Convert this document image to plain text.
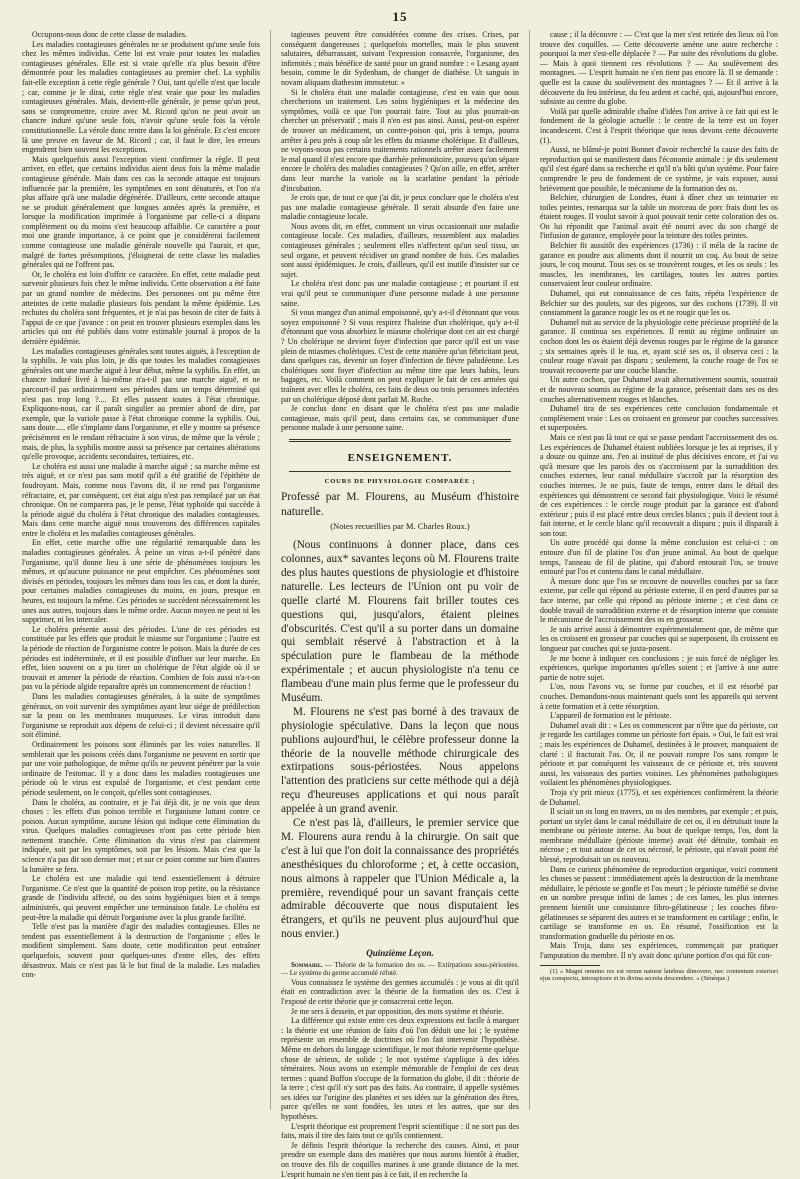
15

Occupons-nous donc de cette classe de maladies.

Les maladies contagieuses générales ne se produisent qu'une seule fois chez les mêmes individus. Cette loi est vraie pour toutes les maladies contagieuses générales. Elle est si vraie qu'elle n'a plus besoin d'être démontrée pour les maladies contagieuses au premier chef. La syphilis fait-elle exception à cette règle générale ? Oui, tant qu'elle n'est que locale ; car, comme je le dirai, cette règle n'est vraie que pour les maladies contagieuses générales. Mais, devient-elle générale, je pense qu'un peut, sans se compromettre, croire avec M. Ricord qu'on ne peut avoir un chancre induré qu'une seule fois, n'avoir qu'une seule fois la vérole constitutionnelle. La vérole donc rentre dans la loi générale. Et c'est encore là une preuve en faveur de M. Ricord ; car, il faut le dire, les erreurs engendrent bien souvent les exceptions.

Mais quelquefois aussi l'exception vient confirmer la règle. Il peut arriver, en effet, que certains individus aient deux fois la même maladie contagieuse générale. Mais dans ces cas la seconde attaque est toujours influencée par la première, les symptômes en sont dénaturés, et l'on n'a plus affaire qu'à une maladie dégénérée. D'ailleurs, cette seconde attaque ne se produit généralement que longues années après la première, et lorsque la modification imprimée à l'organisme par celle-ci a disparu complètement ou du moins s'est beaucoup affaiblie. Ce caractère a pour moi une grande importance, à ce point que je considérerai facilement comme contagieuse une maladie générale nouvelle qui l'aurait, et que, malgré de fortes présomptions, j'éloignerai de cette classe les maladies générales qui ne l'offrent pas.

Or, le choléra est loin d'offrir ce caractère. En effet, cette maladie peut survenir plusieurs fois chez le même individu. Cette observation a été faite par un grand nombre de médecins. Des personnes ont pu même être atteintes de cette maladie plusieurs fois pendant la même épidémie. Les rechutes du choléra sont fréquentes, et je n'ai pas besoin de citer de faits à l'appui de ce que j'avance : on peut en trouver plusieurs exemples dans les articles qui ont été publiés dans votre estimable journal à propos de la dernière épidémie.

Les maladies contagieuses générales sont toutes aiguës, à l'exception de la syphilis. Je vais plus loin, je dis que toutes les maladies contagieuses générales ont une marche aiguë à leur début, même la syphilis. En effet, un chancre induré livré à lui-même n'a-t-il pas une marche aiguë, et ne parcourt-il pas ordinairement ses périodes dans un temps déterminé qui n'est pas trop long ?.... Et elles passent toutes à l'état chronique. Expliquons-nous, car il paraît singulier au premier abord de dire, par exemple, que la variole passe à l'état chronique comme la syphilis. Oui, sans doute..... elle s'implante dans l'organisme, et elle y montre sa présence précisément en le rendant réfractaire à son virus, de même que la vérole ; mais, de plus, la syphilis montre aussi sa présence par certaines altérations qu'elle provoque, accidents secondaires, tertiaires, etc.

Le choléra est aussi une maladie à marche aiguë ; sa marche même est très aiguë, et ce n'est pas sans motif qu'il a été gratifié de l'épithète de foudroyant. Mais, comme nous l'avons dit, il ne rend pas l'organisme réfractaire, et, par conséquent, cet état aigu n'est pas remplacé par un état chronique. On ne comparera pas, je le pense, l'état typhoïde qui succède à la période aiguë du choléra à l'état chronique des maladies contagieuses. Mais dans cette marche aiguë nous trouverons des différences capitales entre le choléra et les maladies contagieuses générales.

En effet, cette marche offre une régularité remarquable dans les maladies contagieuses générales. À peine un virus a-t-il pénétré dans l'organisme, qu'il donne lieu à une série de phénomènes toujours les mêmes, et qu'aucune puissance ne peut empêcher. Ces phénomènes sont divisés en périodes, toujours les mêmes dans tous les cas, et dont la durée, pour certaines maladies contagieuses du moins, en jours, presque en heures, est toujours la même. Ces périodes se succèdent nécessairement les unes aux autres, toujours dans le même ordre. Aucun moyen ne peut ni les supprimer, ni les intercaler.

Le choléra présente aussi des périodes. L'une de ces périodes est constituée par les effets que produit le miasme sur l'organisme ; l'autre est la période de réaction de l'organisme contre le poison. Mais la durée de ces périodes est indéterminée, et il est possible d'influer sur leur marche. En effet, bien souvent on a pu tirer un cholérique de l'état algide où il se trouvait et amener la période de réaction. Combien de fois aussi n'a-t-on pas vu la période algide reparaître après un commencement de réaction !

Dans les maladies contagieuses générales, à la suite de symptômes généraux, on voit survenir des symptômes ayant leur siége de prédilection sur la peau ou les membranes muqueuses. Le virus introduit dans l'organisme se reproduit aux dépens de celui-ci ; il devient nécessaire qu'il soit éliminé.

Ordinairement les poisons sont éliminés par les voies naturelles. Il semblerait que les poisons créés dans l'organisme ne peuvent en sortir que par une voie pathologique, de même qu'ils ne peuvent pénétrer par la voie ordinaire de l'estomac. Il y a donc dans les maladies contagieuses une période où le virus est expulsé de l'organisme, et c'est pendant cette période seulement, on le conçoit, qu'elles sont contagieuses.

Dans le choléra, au contraire, et je l'ai déjà dit, je ne vois que deux choses : les effets d'un poison terrible et l'organisme luttant contre ce poison. Aucun symptôme, aucune lésion qui indique cette élimination du virus. Quelques maladies contagieuses n'ont pas cette période bien nettement tranchée. Cette élimination du virus n'est pas clairement indiquée, soit par les symptômes, soit par les lésions. Mais c'est que la science n'a pas dit son dernier mot ; et sur ce point comme sur bien d'autres la lumière se fera.

Le choléra est une maladie qui tend essentiellement à détruire l'organisme. Ce n'est que la quantité de poison trop petite, ou la résistance grande de l'individu affecté, ou des soins hygiéniques bien et à temps administrés, qui peuvent empêcher une terminaison fatale. Le choléra est peut-être la maladie qui détruit l'organisme avec la plus grande facilité.

Telle n'est pas la manière d'agir des maladies contagieuses. Elles ne tendent pas essentiellement à la destruction de l'organisme ; elles le modifient simplement. Sans doute, cette modification peut entraîner quelquefois, souvent pour quelques-unes d'entre elles, des effets désastreux. Mais ce n'est pas là le but final de la maladie. Les maladies con-

tagieuses peuvent être considérées comme des crises. Crises, par conséquent dangereuses ; quelquefois mortelles, mais le plus souvent salutaires, débarrassant, suivant l'expression consacrée, l'organisme, des infirmités ; mais bénéfice de santé pour un grand nombre : « Lesang ayant besoin, comme le dit Sydenham, de changer de diathèse. Ut sanguis in novam aliquam diathesim immutetur. »

Si le choléra était une maladie contagieuse, c'est en vain que nous chercherions un traitement. Les soins hygiéniques et la médecine des symptômes, voilà ce que l'on pourrait faire. Tout au plus pourrait-on chercher un préservatif ; mais il n'en est pas ainsi. Aussi, peut-on espérer de trouver un médicament, un contre-poison qui, pris à temps, pourra arrêter à peu près à coup sûr les effets du miasme cholérique. Et d'ailleurs, ne voyons-nous pas certains traitements rationnels arrêter assez facilement le mal quand il n'est encore que diarrhée prémonitoire, pourvu qu'on sépare encore le choléra des maladies contagieuses ? Qu'on aille, en effet, arrêter dans leur marche la variole ou la scarlatine pendant la période d'incubation.

Je crois que, de tout ce que j'ai dit, je peux conclure que le choléra n'est pas une maladie contagieuse générale. Il serait absurde d'en faire une maladie contagieuse locale.

Nous avons dit, en effet, comment un virus occasionnait une maladie contagieuse locale. Ces maladies, d'ailleurs, ressemblent aux maladies contagieuses générales ; seulement elles n'affectent qu'un seul tissu, un seul organe, et peuvent récidiver un grand nombre de fois. Ces maladies sont aussi épidémiques. Je crois, d'ailleurs, qu'il est inutile d'insister sur ce sujet.

Le choléra n'est donc pas une maladie contagieuse ; et pourtant il est vrai qu'il peut se communiquer d'une personne malade à une personne saine.

Si vous mangez d'un animal empoisonné, qu'y a-t-il d'étonnant que vous soyez empoisonné ? Si vous respirez l'haleine d'un cholérique, qu'y a-t-il d'étonnant que vous absorbiez le miasme cholérique dont cet air est chargé ? Un cholérique ne devient foyer d'infection que parce qu'il est un vase plein de miasmes cholériques. C'est de cette manière qu'un fébricitant peut, dans quelques cas, devenir un foyer d'infection de fièvre paludéenne. Les cholériques sont foyer d'infection au même titre que leurs habits, leurs bagages, etc. Voilà comment on peut expliquer le fait de ces armées qui traînent avec elles le choléra, ces faits de deux ou trois personnes infectées par un cholérique déposé dont parlait M. Roche.

Je conclus donc en disant que le choléra n'est pas une maladie contagieuse, mais qu'il peut, dans certains cas, se communiquer d'une personne malade à une personne saine.

ENSEIGNEMENT.
COURS DE PHYSIOLOGIE COMPARÉE ;

Professé par M. Flourens, au Muséum d'histoire naturelle.

(Notes recueillies par M. Charles Roux.)

(Nous continuons à donner place, dans ces colonnes, aux* savantes leçons où M. Flourens traite des plus hautes questions de physiologie et d'histoire naturelle. Les lecteurs de l'Union ont pu voir de quelle clarté M. Flourens fait briller toutes ces questions qui, jusqu'alors, étaient pleines d'obscurités. C'est qu'il a su porter dans un domaine qui semblait réservé à l'abstraction et à la spéculation pure le flambeau de la méthode expérimentale ; et aucun physiologiste n'a tenu ce flambeau d'une main plus ferme que le professeur du Muséum.

M. Flourens ne s'est pas borné à des travaux de physiologie spéculative. Dans la leçon que nous publions aujourd'hui, le célèbre professeur donne la théorie de la nouvelle méthode chirurgicale des extirpations sous-périostées. Nous appelons l'attention des praticiens sur cette méthode qui a déjà reçu d'heureuses applications et qui nous paraît appelée à un grand avenir.

Ce n'est pas là, d'ailleurs, le premier service que M. Flourens aura rendu à la chirurgie. On sait que c'est à lui que l'on doit la connaissance des propriétés anesthésiques du chloroforme ; et, à cette occasion, nous aimons à rappeler que l'Union Médicale a, la première, revendiqué pour un savant français cette admirable découverte que nous disputaient les étrangers, et qu'ils ne peuvent plus aujourd'hui que nous envier.)

Quinzième Leçon.

Sommaire. — Théorie de la formation des os. — Extirpations sous-périostées. — Le système du germe accumulé réfuté.

Vous connaissez le système des germes accumulés : je vous ai dit qu'il était en contradiction avec la théorie de la formation des os. C'est à l'exposé de cette théorie que je consacrerai cette leçon.

Je me sers à dessein, et par opposition, des mots système et théorie.

La différence qui existe entre ces deux expressions est facile à marquer : la théorie est une réunion de faits d'où l'on déduit une loi ; le système représente un ensemble de doctrines où l'on fait intervenir l'hypothèse. Même en dehors du langage scientifique, le mot théorie représente quelque chose de sérieux, de solide ; le mot système s'applique à des idées téméraires. Nous avons un exemple mémorable de l'emploi de ces deux termes : quand Buffon s'occupe de la formation du globe, il dit : théorie de la terre ; c'est qu'il n'y sort pas des faits. Au contraire, il appelle systèmes ses idées sur l'origine des planètes et ses idées sur la génération des êtres, parce qu'elles ne sont fondées, les unes et les autres, que sur des hypothèses.

L'esprit théorique est proprement l'esprit scientifique : il ne sort pas des faits, mais il tire des faits tout ce qu'ils contiennent.

Je définis l'esprit théorique la recherche des causes. Ainsi, et pour prendre un exemple dans des matières que nous aurons bientôt à étudier, on trouve des fils de coquilles marines à une grande distance de la mer. L'esprit humain ne s'en tient pas à ce fait, il en recherche la

cause ; il la découvre : — C'est que la mer s'est retirée des lieux où l'on trouve des coquilles. — Cette découverte amène une autre recherche : pourquoi la mer s'est-elle déplacée ? — Par suite des révolutions du globe. — Mais à quoi tiennent ces révolutions ? — Au soulèvement des montagnes. — L'esprit humain ne s'en tient pas encore là. Il se demande : quelle est la cause du soulèvement des montagnes ? — Et il arrive à la découverte du feu intérieur, du feu ardent et caché, qui, aujourd'hui encore, subsiste au centre du globe.

Voilà par quelle admirable chaîne d'idées l'on arrive à ce fait qui est le fondement de la géologie actuelle : le centre de la terre est un foyer incandescent. C'est à l'esprit théorique que nous devons cette découverte (1).

Aussi, ne blâmé-je point Bonnet d'avoir recherché la cause des faits de reproduction qui se manifestent dans l'économie animale : je dis seulement qu'il s'est égaré dans sa recherche et qu'il n'a bâti qu'un système. Pour faire comprendre le peu de fondement de ce système, je vais exposer, aussi brièvement que possible, le mécanisme de la formation des os.

Belchier, chirurgien de Londres, étant à dîner chez un teinturier en toiles peintes, remarqua sur la table un morceau de porc frais dont les os étaient rouges. Il voulut savoir à quoi pouvait tenir cette coloration des os. On lui répondit que l'animal avait été nourri avec du son chargé de l'infusion de garance, employée pour la teinture des toiles peintes.

Belchier fit aussitôt des expériences (1736) : il méla de la racine de garance en poudre aux aliments dont il nourrit un coq. Au bout de seize jours, le coq mourut. Tous ses os se trouvèrent rouges, et les os seuls : les muscles, les membranes, les cartilages, toutes les autres parties conservaient leur couleur ordinaire.

Duhamel, qui eut connaissance de ces faits, répéta l'expérience de Belchier sur des poulets, sur des pigeons, sur des cochons (1739). Il vit constamment la garance rougir les os et ne rougir que les os.

Duhamel mit au service de la physiologie cette précieuse propriété de la garance. Il continua ses expériences. Il remit au régime ordinaire un cochon dont les os étaient déjà devenus rouges par le régime de la garance ; six semaines après il le tua, et, ayant scié ses os, il observa ceci : la couleur rouge n'avait pas disparu ; seulement, la couche rouge de l'os se trouvait recouverte par une couche blanche.

Un autre cochon, que Duhamel avait alternativement soumis, soustrait et de nouveau soumis au régime de la garance, présentait dans ses os des couches alternativement rouges et blanches.

Duhamel tira de ses expériences cette conclusion fondamentale et complètement vraie : Les os croissent en grosseur par couches successives et superposées.

Mais ce n'est pas là tout ce qui se passe pendant l'accroissement des os. Les expériences de Duhamel étaient oubliées lorsque je les ai reprises, il y a douze ou quinze ans. J'en ai institué de plus décisives encore, et j'ai vu qu'à mesure que les parois des os s'accroissent par la surraddition des couches externes, leur canal médullaire s'accroît par la résorption des couches internes. Je ne puis, faute de temps, entrer dans le détail des expériences qui démontrent ce second fait physiologique. Voici le résumé de ces expériences : le cercle rouge produit par la garance est d'abord extérieur ; puis il est placé entre deux cercles blancs ; puis il devient tout à fait interne, et le cercle blanc qu'il recouvrait a disparu ; puis il disparaît à son tour.

Un autre procédé qui donne la même conclusion est celui-ci : on entoure d'un fil de platine l'os d'un jeune animal. Au bout de quelque temps, l'anneau de fil de platine, qui d'abord entourait l'os, se trouve entouré par l'os et contenu dans le canal médullaire.

À mesure donc que l'os se recouvre de nouvelles couches par sa face externe, par celle qui répond au périoste externe, il en perd d'autres par sa face interne, par celle qui répond au périoste interne ; et c'est dans ce double travail de surraddition externe et de résorption interne que consiste le mécanisme de l'accroissement des os en grosseur.

Je suis arrivé aussi à démontrer expérimentalement que, de même que les os croissent en grosseur par couches qui se superposent, ils croissent en longueur par couches qui se juxta-posent.

Je me borne à indiquer ces conclusions ; je suis forcé de négliger les expériences, quelque importantes qu'elles soient ; et j'arrive à une autre partie de notre sujet.

L'os, nous l'avons vu, se forme par couches, et il est résorbé par couches. Demandons-nous maintenant quels sont les appareils qui servent à cette formation et à cette résorption.

L'appareil de formation est le périoste.

Duhamel avait dit : « Les os commencent par n'être que du périoste, car je regarde les cartilages comme un périoste fort épais. » Oui, le fait est vrai ; mais les expériences de Duhamel, destinées à le prouver, manquaient de clarté : il fracturait l'os. Or, il ne pouvait rompre l'os sans rompre le périoste et par conséquent les vaisseaux de ce périoste et, très souvent aussi, les vaisseaux des parties voisines. Les phénomènes pathologiques voilaient les phénomènes physiologiques.

Troja s'y prit mieux (1775), et ses expériences confirmèrent la théorie de Duhamel.

Il sciait un os long en travers, un os des membres, par exemple ; et puis, portant un stylet dans le canal médullaire de cet os, il en détruisait toute la membrane ou périoste interne. Au bout de quelque temps, l'os, dont la membrane médullaire (périoste interne) avait été détruite, tombait en nécrose ; et tout autour de cet os nécrosé, le périoste, qui n'avait point été blessé, reproduisait un os nouveau.

Dans ce curieux phénomène de reproduction organique, voici comment les choses se passent : immédiatement après la destruction de la membrane médullaire, le périoste se gonfle et l'os meurt ; le périoste tuméfié se divise en un nombre presque infini de lames ; de ces lames, les plus internes prennent bientôt une consistance fibro-gélatineuse ; les couches fibro-gélatineuses se séparent des autres et se transforment en cartilage ; enfin, le cartilage se transforme en os. En résumé, l'ossification est la transformation graduelle du périoste en os.

Mais Troja, dans ses expériences, commençait par pratiquer l'amputation du membre. Il n'y avait donc qu'une portion d'os qui fût con-

(1) « Magni omnino res est rerum naturæ latebras dimovere, nec contentum exteriori ejus conspectu, introspicere et in divina secreta descendere. » (Sénèque.)
